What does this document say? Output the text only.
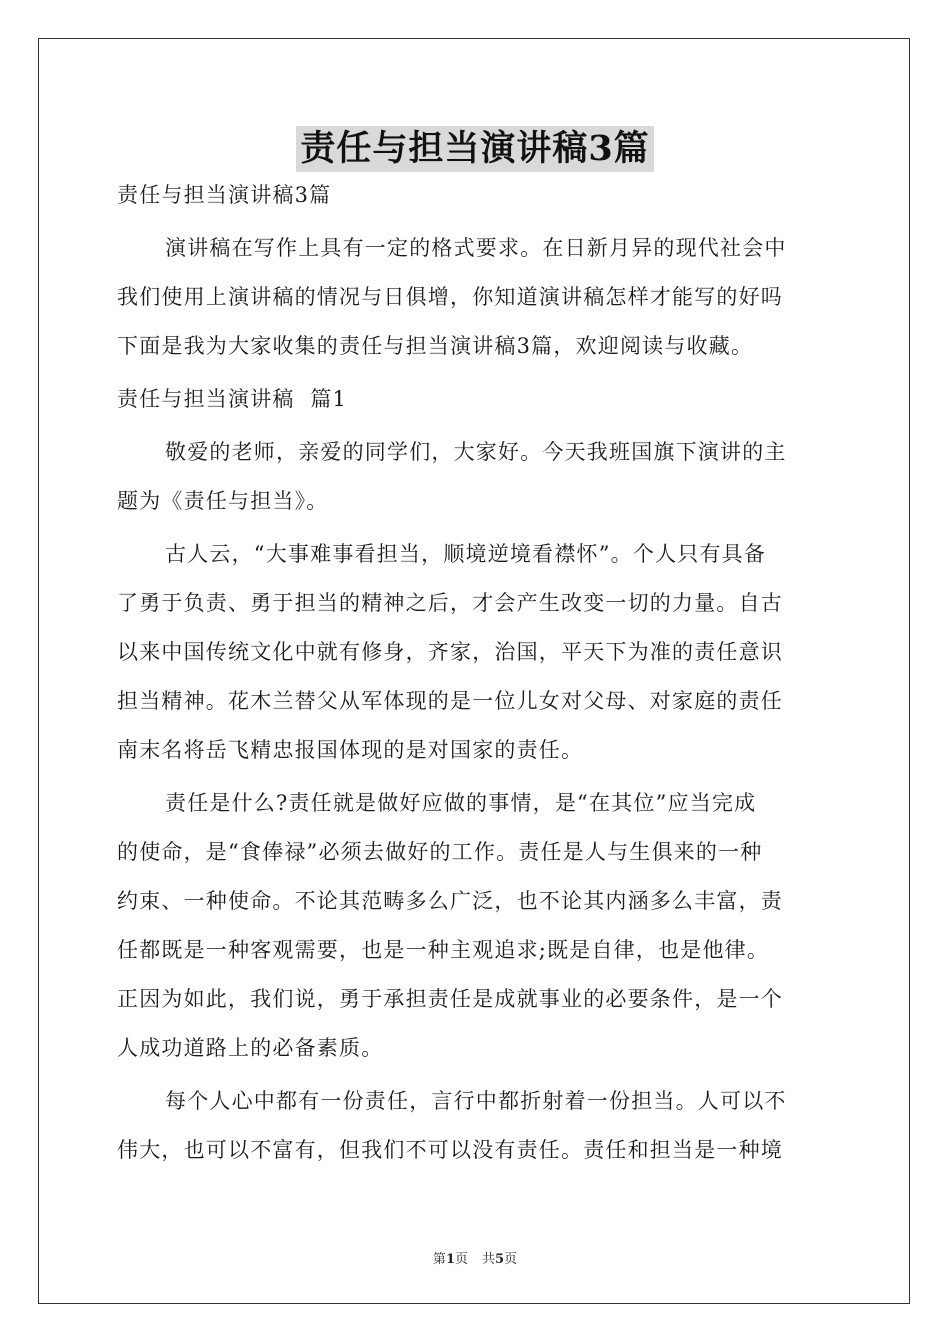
责任与担当演讲稿3篇
责任与担当演讲稿3篇
演讲稿在写作上具有一定的格式要求。在日新月异的现代社会中
我们使用上演讲稿的情况与日俱增，你知道演讲稿怎样才能写的好吗
下面是我为大家收集的责任与担当演讲稿3篇，欢迎阅读与收藏。
责任与担当演讲稿  篇1
敬爱的老师，亲爱的同学们，大家好。今天我班国旗下演讲的主
题为《责任与担当》。
古人云，“大事难事看担当，顺境逆境看襟怀”。个人只有具备
了勇于负责、勇于担当的精神之后，才会产生改变一切的力量。自古
以来中国传统文化中就有修身，齐家，治国，平天下为准的责任意识
担当精神。花木兰替父从军体现的是一位儿女对父母、对家庭的责任
南末名将岳飞精忠报国体现的是对国家的责任。
责任是什么?责任就是做好应做的事情，是“在其位”应当完成
的使命，是“食俸禄”必须去做好的工作。责任是人与生俱来的一种
约束、一种使命。不论其范畴多么广泛，也不论其内涵多么丰富，责
任都既是一种客观需要，也是一种主观追求;既是自律，也是他律。
正因为如此，我们说，勇于承担责任是成就事业的必要条件，是一个
人成功道路上的必备素质。
每个人心中都有一份责任，言行中都折射着一份担当。人可以不
伟大，也可以不富有，但我们不可以没有责任。责任和担当是一种境
第1页 共5页
